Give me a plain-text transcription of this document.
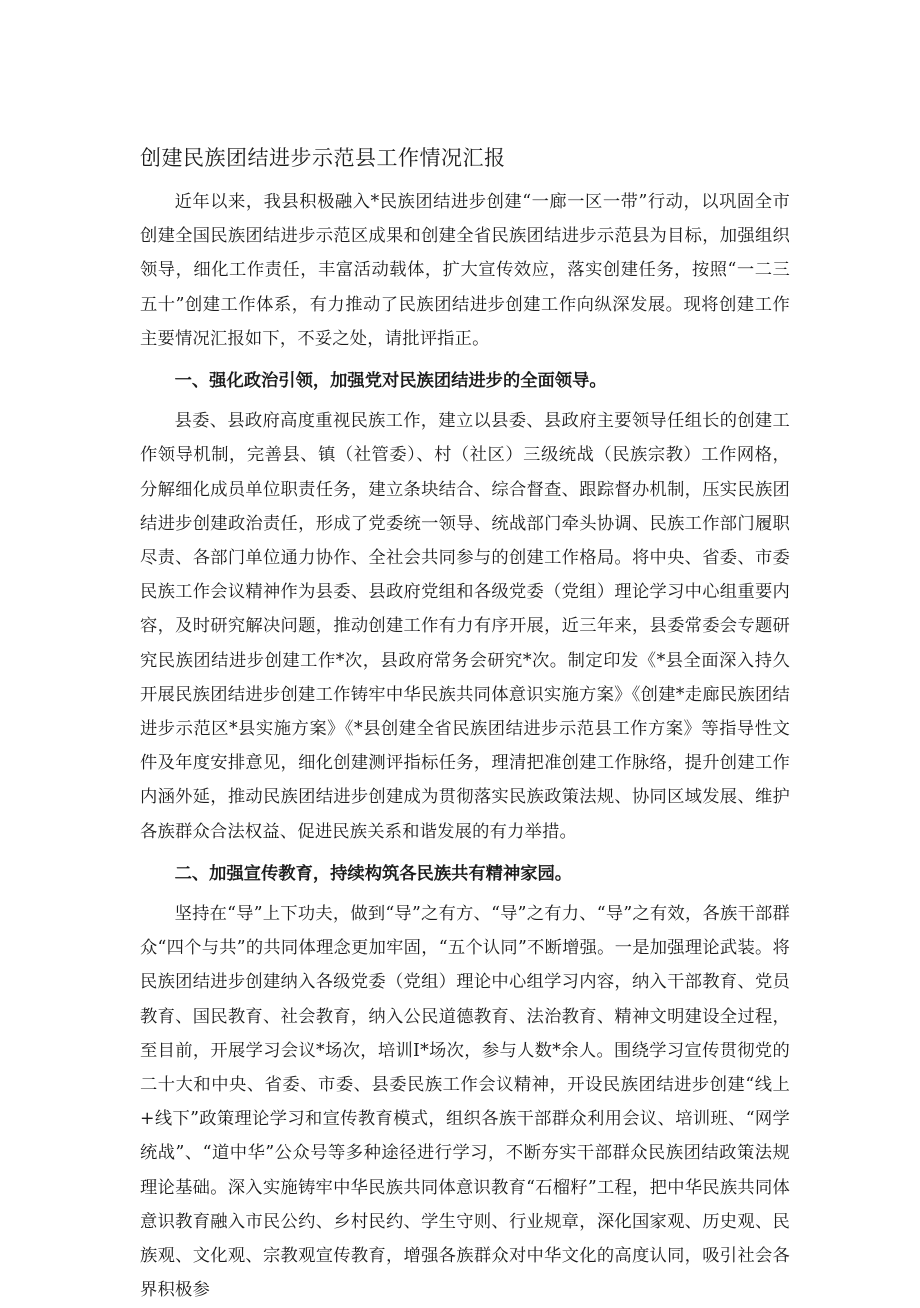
创建民族团结进步示范县工作情况汇报

近年以来，我县积极融入*民族团结进步创建“一廊一区一带”行动，以巩固全市创建全国民族团结进步示范区成果和创建全省民族团结进步示范县为目标，加强组织领导，细化工作责任，丰富活动载体，扩大宣传效应，落实创建任务，按照“一二三五十”创建工作体系，有力推动了民族团结进步创建工作向纵深发展。现将创建工作主要情况汇报如下，不妥之处，请批评指正。

一、强化政治引领，加强党对民族团结进步的全面领导。

县委、县政府高度重视民族工作，建立以县委、县政府主要领导任组长的创建工作领导机制，完善县、镇（社管委）、村（社区）三级统战（民族宗教）工作网格，分解细化成员单位职责任务，建立条块结合、综合督查、跟踪督办机制，压实民族团结进步创建政治责任，形成了党委统一领导、统战部门牵头协调、民族工作部门履职尽责、各部门单位通力协作、全社会共同参与的创建工作格局。将中央、省委、市委民族工作会议精神作为县委、县政府党组和各级党委（党组）理论学习中心组重要内容，及时研究解决问题，推动创建工作有力有序开展，近三年来，县委常委会专题研究民族团结进步创建工作*次，县政府常务会研究*次。制定印发《*县全面深入持久开展民族团结进步创建工作铸牢中华民族共同体意识实施方案》《创建*走廊民族团结进步示范区*县实施方案》《*县创建全省民族团结进步示范县工作方案》等指导性文件及年度安排意见，细化创建测评指标任务，理清把准创建工作脉络，提升创建工作内涵外延，推动民族团结进步创建成为贯彻落实民族政策法规、协同区域发展、维护各族群众合法权益、促进民族关系和谐发展的有力举措。

二、加强宣传教育，持续构筑各民族共有精神家园。

坚持在“导”上下功夫，做到“导”之有方、“导”之有力、“导”之有效，各族干部群众“四个与共”的共同体理念更加牢固，“五个认同”不断增强。一是加强理论武装。将民族团结进步创建纳入各级党委（党组）理论中心组学习内容，纳入干部教育、党员教育、国民教育、社会教育，纳入公民道德教育、法治教育、精神文明建设全过程，至目前，开展学习会议*场次，培训I*场次，参与人数*余人。围绕学习宣传贯彻党的二十大和中央、省委、市委、县委民族工作会议精神，开设民族团结进步创建“线上+线下”政策理论学习和宣传教育模式，组织各族干部群众利用会议、培训班、“网学统战”、“道中华”公众号等多种途径进行学习，不断夯实干部群众民族团结政策法规理论基础。深入实施铸牢中华民族共同体意识教育“石榴籽”工程，把中华民族共同体意识教育融入市民公约、乡村民约、学生守则、行业规章，深化国家观、历史观、民族观、文化观、宗教观宣传教育，增强各族群众对中华文化的高度认同，吸引社会各界积极参
